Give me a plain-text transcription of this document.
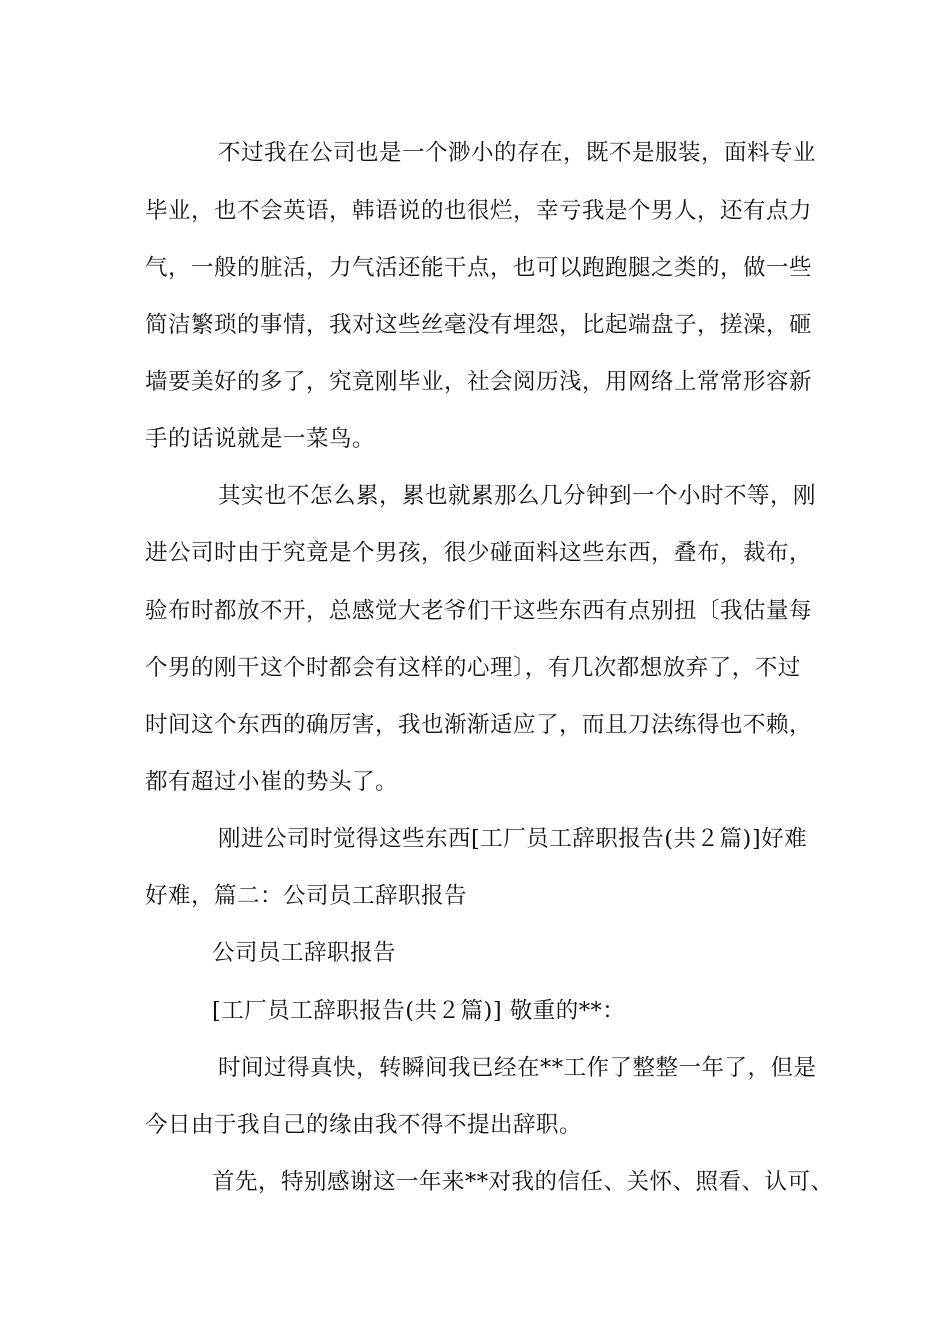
不过我在公司也是一个渺小的存在，既不是服装，面料专业
毕业，也不会英语，韩语说的也很烂，幸亏我是个男人，还有点力
气，一般的脏活，力气活还能干点，也可以跑跑腿之类的，做一些
简洁繁琐的事情，我对这些丝毫没有埋怨，比起端盘子，搓澡，砸
墙要美好的多了，究竟刚毕业，社会阅历浅，用网络上常常形容新
手的话说就是一菜鸟。
其实也不怎么累，累也就累那么几分钟到一个小时不等，刚
进公司时由于究竟是个男孩，很少碰面料这些东西，叠布，裁布，
验布时都放不开，总感觉大老爷们干这些东西有点别扭〔我估量每
个男的刚干这个时都会有这样的心理〕，有几次都想放弃了，不过
时间这个东西的确厉害，我也渐渐适应了，而且刀法练得也不赖，
都有超过小崔的势头了。
刚进公司时觉得这些东西[工厂员工辞职报告(共２篇)]好难
好难，篇二：公司员工辞职报告
公司员工辞职报告
[工厂员工辞职报告(共２篇)] 敬重的**：
时间过得真快，转瞬间我已经在**工作了整整一年了，但是
今日由于我自己的缘由我不得不提出辞职。
首先，特别感谢这一年来**对我的信任、关怀、照看、认可、
